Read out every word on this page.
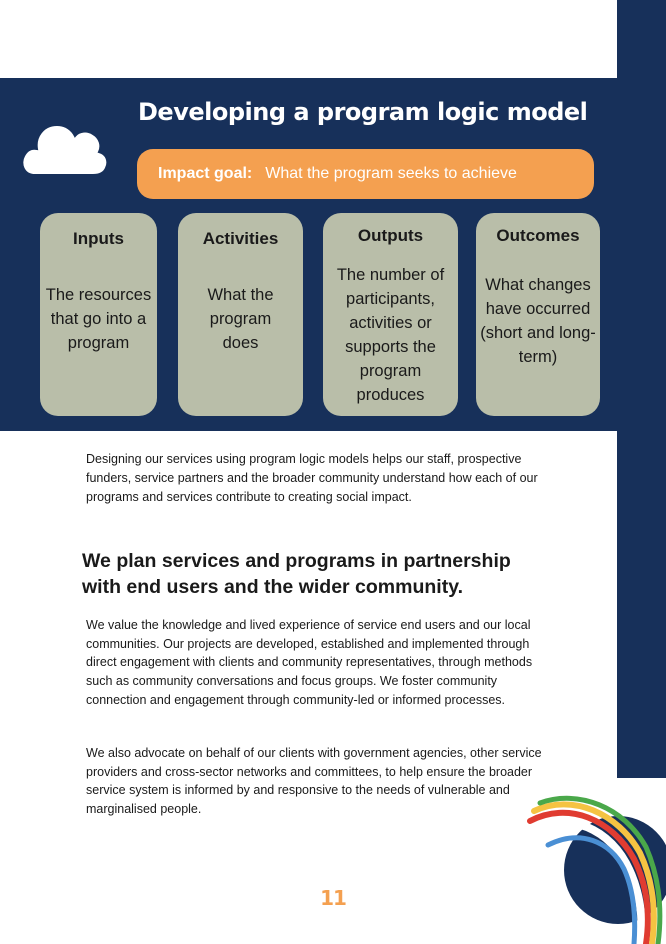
Developing a program logic model
Impact goal: What the program seeks to achieve
Inputs

The resources that go into a program

Activities

What the program does

Outputs

The number of participants, activities or supports the program produces

Outcomes

What changes have occurred (short and long-term)

Designing our services using program logic models helps our staff, prospective funders, service partners and the broader community understand how each of our programs and services contribute to creating social impact.

We plan services and programs in partnership with end users and the wider community.

We value the knowledge and lived experience of service end users and our local communities. Our projects are developed, established and implemented through direct engagement with clients and community representatives, through methods such as community conversations and focus groups. We foster community connection and engagement through community-led or informed processes.

We also advocate on behalf of our clients with government agencies, other service providers and cross-sector networks and committees, to help ensure the broader service system is informed by and responsive to the needs of vulnerable and marginalised people.

11
